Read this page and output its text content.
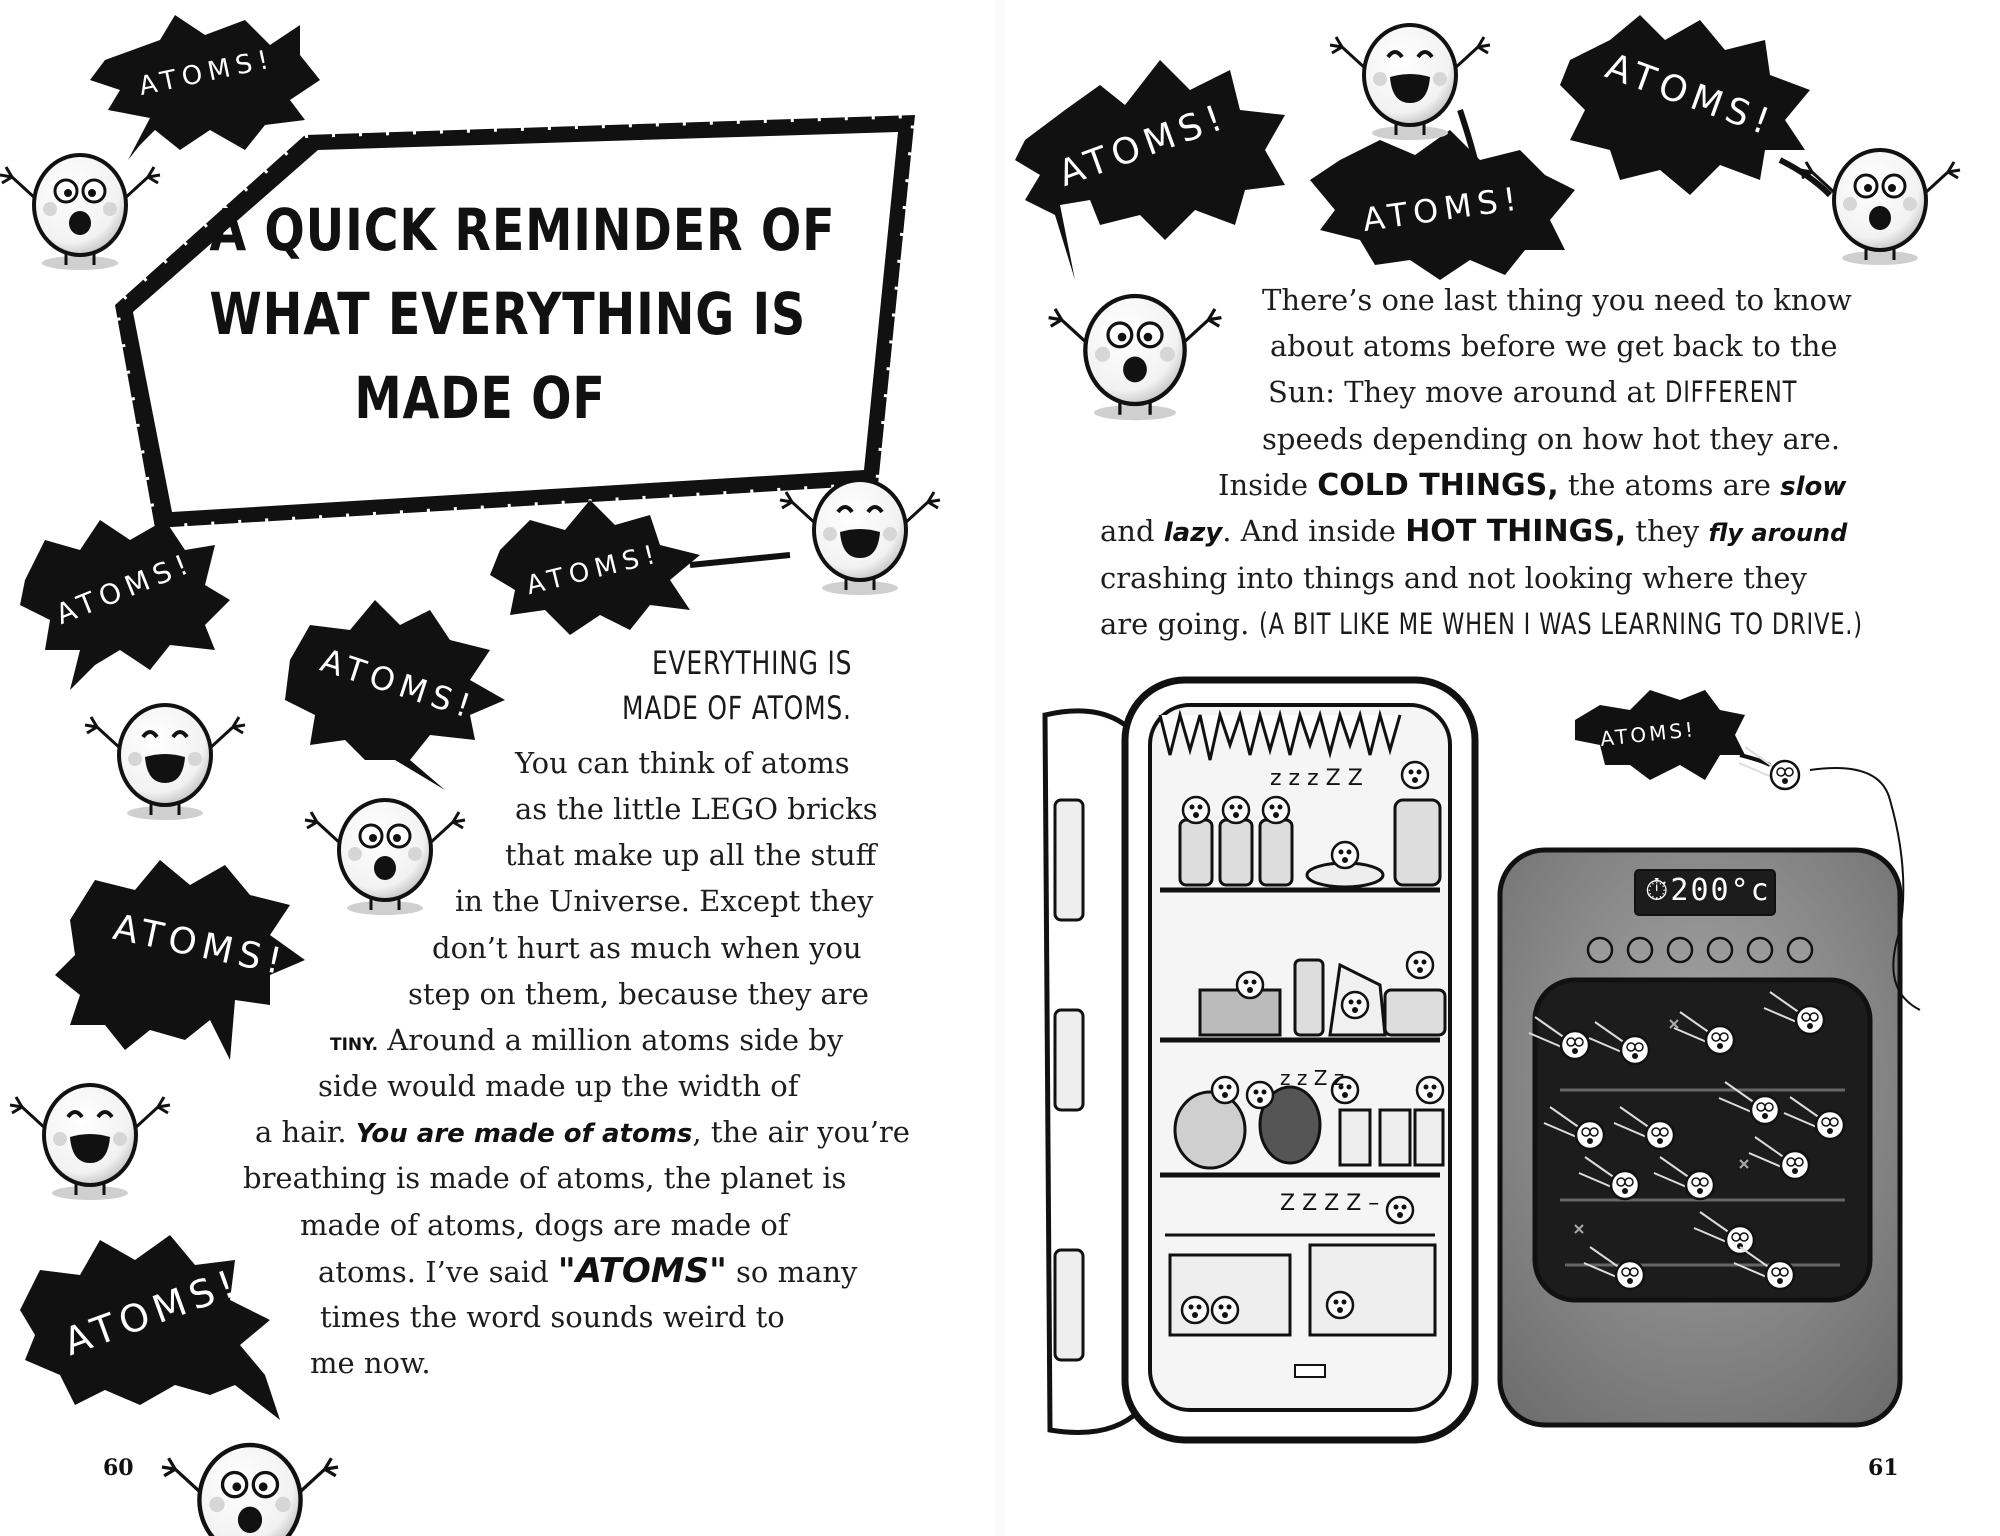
z z z Z Z
z z Z z
Z Z Z Z –
A QUICK REMINDER OF
WHAT EVERYTHING IS
MADE OF
ATOMS!
ATOMS!	ATOMS!
ATOMS!
ATOMS!
ATOMS!
ATOMS!
ATOMS!
ATOMS!
ATOMS!
EVERYTHING IS
MADE OF ATOMS.
You can think of atoms
as the little LEGO bricks
that make up all the stuff
in the Universe. Except they
don’t hurt as much when you
step on them, because they are
TINY. Around a million atoms side by
side would made up the width of
a hair. You are made of atoms, the air you’re
breathing is made of atoms, the planet is
made of atoms, dogs are made of
atoms. I’ve said "ATOMS" so many
times the word sounds weird to
me now.
60
There’s one last thing you need to know
about atoms before we get back to the
Sun: They move around at DIFFERENT
speeds depending on how hot they are.
Inside COLD THINGS, the atoms are slow
and lazy. And inside HOT THINGS, they fly around
crashing into things and not looking where they
are going. (A BIT LIKE ME WHEN I WAS LEARNING TO DRIVE.)
⏱200°c
61
